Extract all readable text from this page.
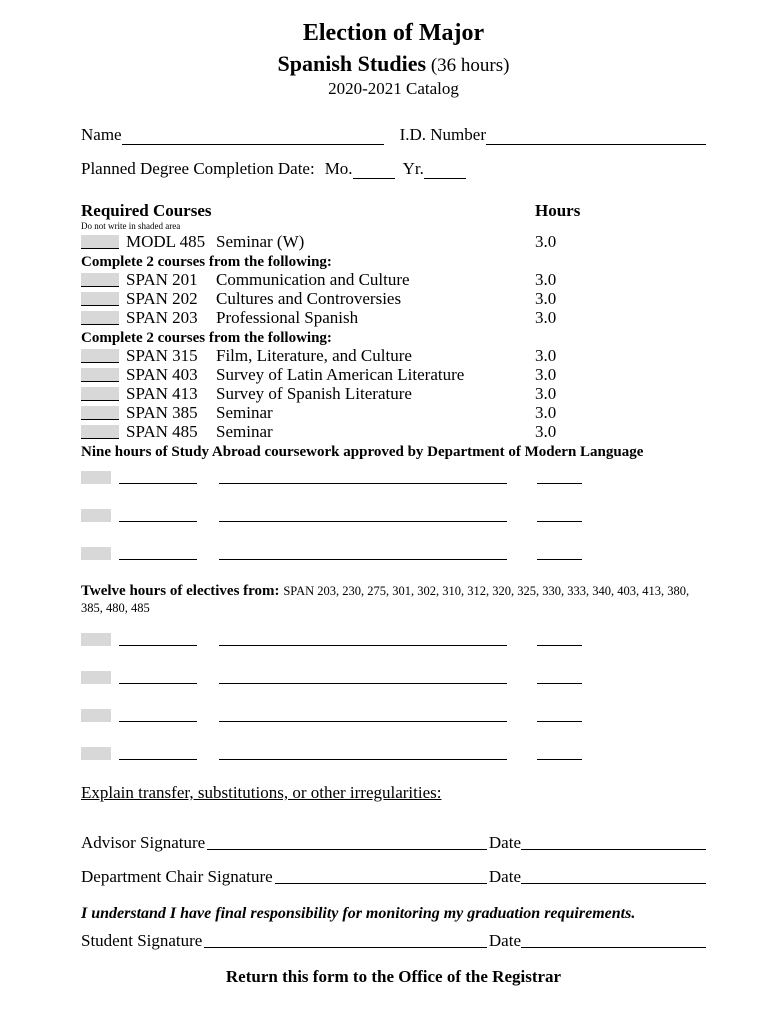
Election of Major
Spanish Studies (36 hours)
2020-2021 Catalog
Name	I.D. Number
Planned Degree Completion Date: Mo.	Yr.
Required Courses	Hours
Do not write in shaded area
MODL 485 Seminar (W)	3.0
Complete 2 courses from the following:
SPAN 201	Communication and Culture	3.0
SPAN 202	Cultures and Controversies	3.0
SPAN 203	Professional Spanish	3.0
Complete 2 courses from the following:
SPAN 315	Film, Literature, and Culture	3.0
SPAN 403	Survey of Latin American Literature	3.0
SPAN 413	Survey of Spanish Literature	3.0
SPAN 385	Seminar	3.0
SPAN 485	Seminar	3.0
Nine hours of Study Abroad coursework approved by Department of Modern Language
Twelve hours of electives from: SPAN 203, 230, 275, 301, 302, 310, 312, 320, 325, 330, 333, 340, 403, 413, 380, 385, 480, 485
Explain transfer, substitutions, or other irregularities:
Advisor Signature	Date
Department Chair Signature	Date
I understand I have final responsibility for monitoring my graduation requirements.
Student Signature	Date
Return this form to the Office of the Registrar
